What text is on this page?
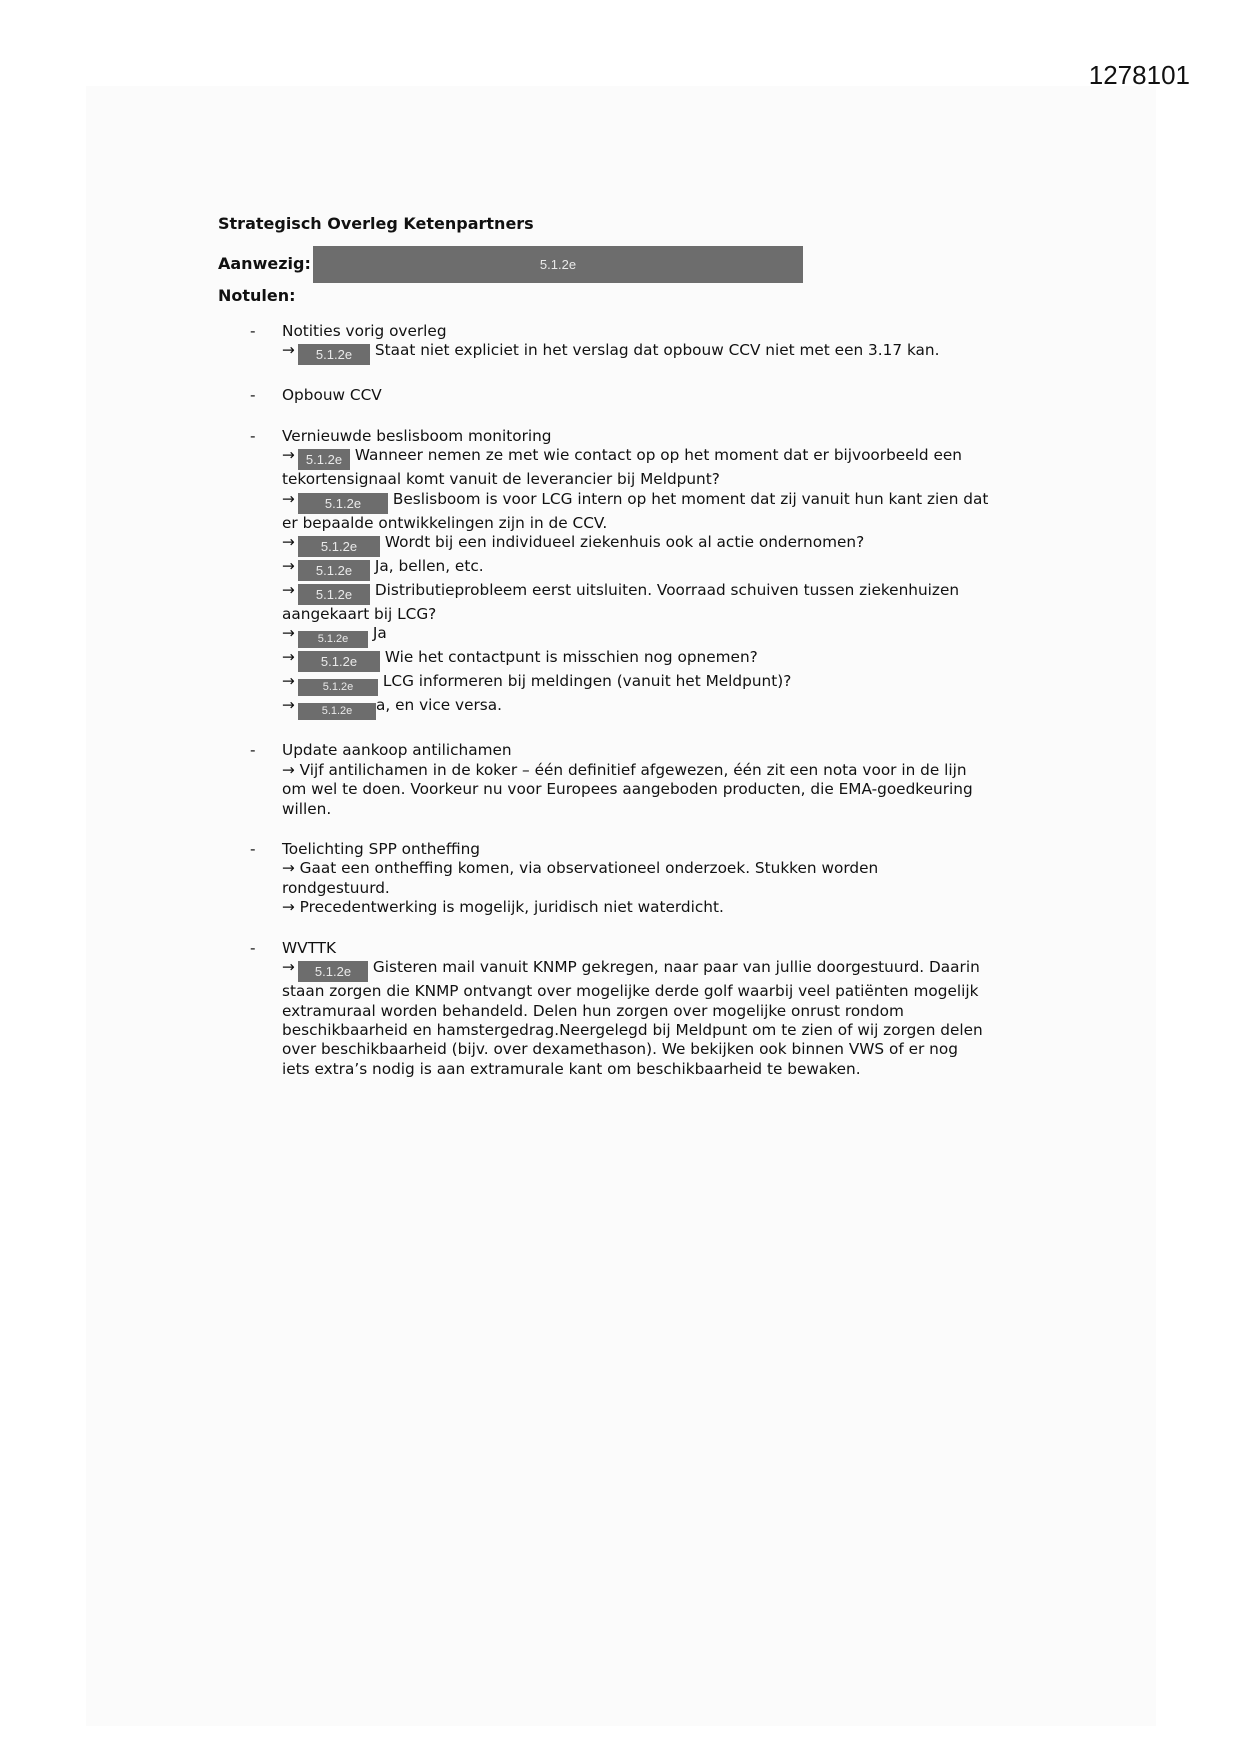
1278101
Strategisch Overleg Ketenpartners
Aanwezig:	5.1.2e
Notulen:
- Notities vorig overleg
→ 5.1.2e Staat niet expliciet in het verslag dat opbouw CCV niet met een 3.17 kan.
- Opbouw CCV
- Vernieuwde beslisboom monitoring
→ 5.1.2e Wanneer nemen ze met wie contact op op het moment dat er bijvoorbeeld een
tekortensignaal komt vanuit de leverancier bij Meldpunt?
→ 5.1.2e Beslisboom is voor LCG intern op het moment dat zij vanuit hun kant zien dat
er bepaalde ontwikkelingen zijn in de CCV.
→ 5.1.2e Wordt bij een individueel ziekenhuis ook al actie ondernomen?
→ 5.1.2e Ja, bellen, etc.
→ 5.1.2e Distributieprobleem eerst uitsluiten. Voorraad schuiven tussen ziekenhuizen
aangekaart bij LCG?
→ 5.1.2e Ja
→ 5.1.2e Wie het contactpunt is misschien nog opnemen?
→	5.1.2e LCG informeren bij meldingen (vanuit het Meldpunt)?
→ 5.1.2e a, en vice versa.
- Update aankoop antilichamen
→ Vijf antilichamen in de koker – één definitief afgewezen, één zit een nota voor in de lijn
om wel te doen. Voorkeur nu voor Europees aangeboden producten, die EMA-goedkeuring
willen.
- Toelichting SPP ontheffing
→ Gaat een ontheffing komen, via observationeel onderzoek. Stukken worden
rondgestuurd.
→ Precedentwerking is mogelijk, juridisch niet waterdicht.
- WVTTK
→ 5.1.2e Gisteren mail vanuit KNMP gekregen, naar paar van jullie doorgestuurd. Daarin
staan zorgen die KNMP ontvangt over mogelijke derde golf waarbij veel patiënten mogelijk
extramuraal worden behandeld. Delen hun zorgen over mogelijke onrust rondom
beschikbaarheid en hamstergedrag.Neergelegd bij Meldpunt om te zien of wij zorgen delen
over beschikbaarheid (bijv. over dexamethason). We bekijken ook binnen VWS of er nog
iets extra’s nodig is aan extramurale kant om beschikbaarheid te bewaken.
